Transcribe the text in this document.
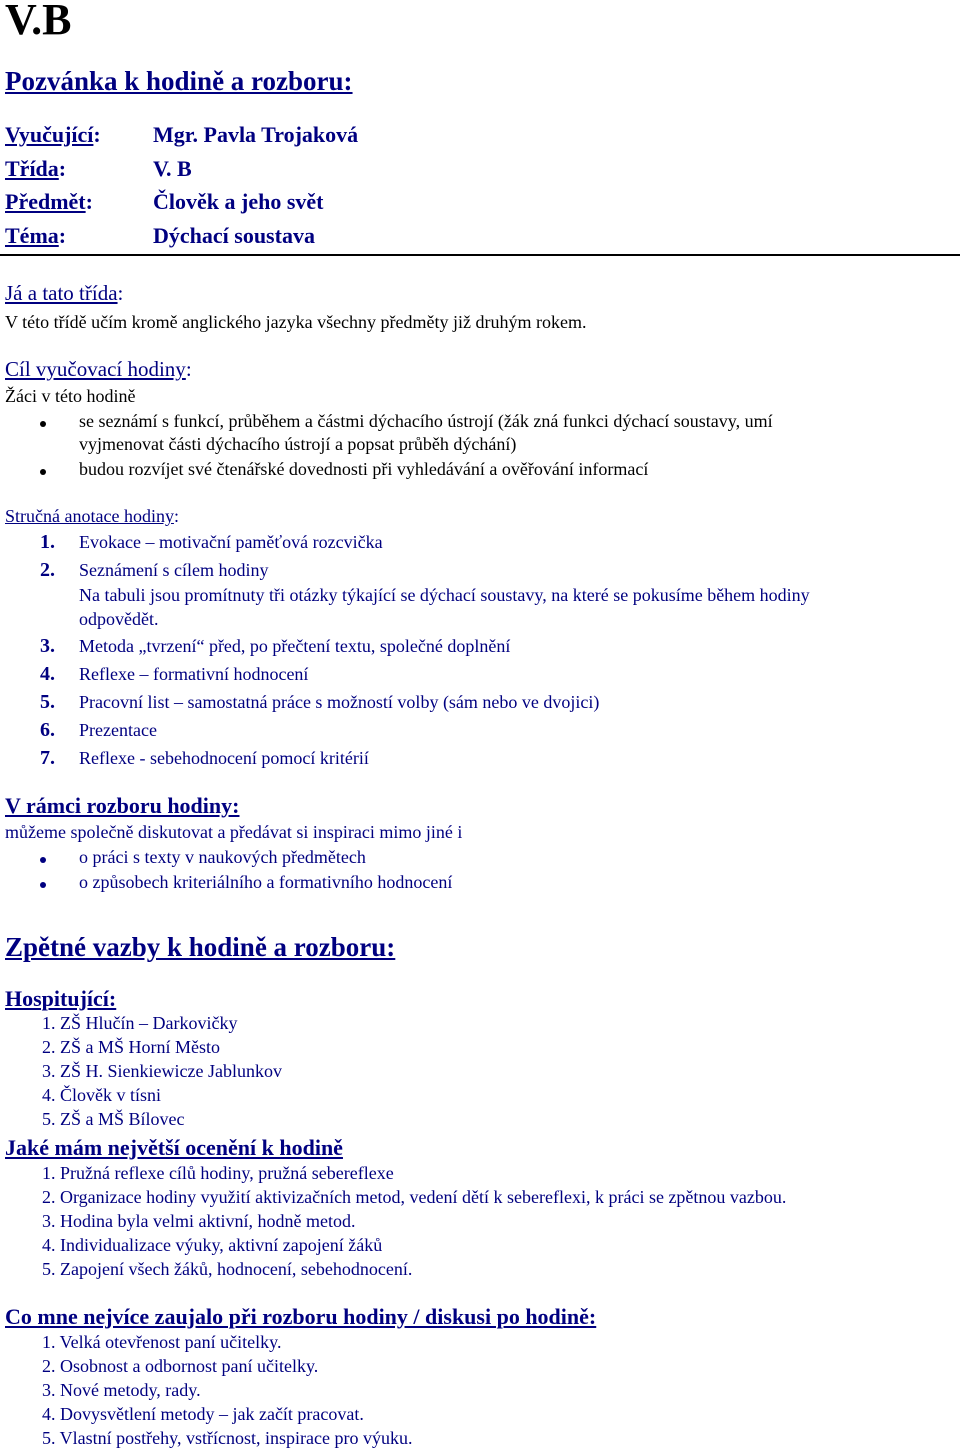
V.B
Pozvánka k hodině a rozboru:
Vyučující: Mgr. Pavla Trojaková
Třída:	V. B
Předmět:	Člověk a jeho svět
Téma:	Dýchací soustava
Já a tato třída:
V této třídě učím kromě anglického jazyka všechny předměty již druhým rokem.
Cíl vyučovací hodiny:
Žáci v této hodině
se seznámí s funkcí, průběhem a částmi dýchacího ústrojí (žák zná funkci dýchací soustavy, umí
vyjmenovat části dýchacího ústrojí a popsat průběh dýchání)
budou rozvíjet své čtenářské dovednosti při vyhledávání a ověřování informací
Stručná anotace hodiny:
1. Evokace – motivační paměťová rozcvička
2. Seznámení s cílem hodiny
Na tabuli jsou promítnuty tři otázky týkající se dýchací soustavy, na které se pokusíme během hodiny
odpovědět.
3. Metoda „tvrzení“ před, po přečtení textu, společné doplnění
4. Reflexe – formativní hodnocení
5. Pracovní list – samostatná práce s možností volby (sám nebo ve dvojici)
6. Prezentace
7. Reflexe - sebehodnocení pomocí kritérií
V rámci rozboru hodiny:
můžeme společně diskutovat a předávat si inspiraci mimo jiné i
o práci s texty v naukových předmětech
o způsobech kriteriálního a formativního hodnocení
Zpětné vazby k hodině a rozboru:
Hospitující:
1. ZŠ Hlučín – Darkovičky
2. ZŠ a MŠ Horní Město
3. ZŠ H. Sienkiewicze Jablunkov
4. Člověk v tísni
5. ZŠ a MŠ Bílovec
Jaké mám největší ocenění k hodině
1. Pružná reflexe cílů hodiny, pružná sebereflexe
2. Organizace hodiny využití aktivizačních metod, vedení dětí k sebereflexi, k práci se zpětnou vazbou.
3. Hodina byla velmi aktivní, hodně metod.
4. Individualizace výuky, aktivní zapojení žáků
5. Zapojení všech žáků, hodnocení, sebehodnocení.
Co mne nejvíce zaujalo při rozboru hodiny / diskusi po hodině:
1. Velká otevřenost paní učitelky.
2. Osobnost a odbornost paní učitelky.
3. Nové metody, rady.
4. Dovysvětlení metody – jak začít pracovat.
5. Vlastní postřehy, vstřícnost, inspirace pro výuku.
